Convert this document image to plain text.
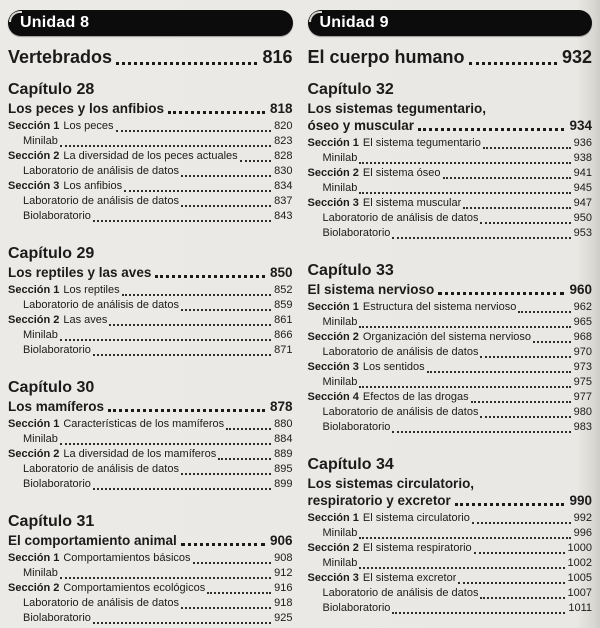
Unidad 8
Vertebrados	816
Capítulo 28
Los peces y los anfibios	818
Sección 1 Los peces	820
Minilab	823
Sección 2 La diversidad de los peces actuales	828
Laboratorio de análisis de datos	830
Sección 3 Los anfibios	834
Laboratorio de análisis de datos	837
Biolaboratorio	843
Capítulo 29
Los reptiles y las aves	850
Sección 1 Los reptiles	852
Laboratorio de análisis de datos	859
Sección 2 Las aves	861
Minilab	866
Biolaboratorio	871
Capítulo 30
Los mamíferos	878
Sección 1 Características de los mamíferos	880
Minilab	884
Sección 2 La diversidad de los mamíferos	889
Laboratorio de análisis de datos	895
Biolaboratorio	899
Capítulo 31
El comportamiento animal	906
Sección 1 Comportamientos básicos	908
Minilab	912
Sección 2 Comportamientos ecológicos	916
Laboratorio de análisis de datos	918
Biolaboratorio	925
Unidad 9
El cuerpo humano	932
Capítulo 32
Los sistemas tegumentario,
óseo y muscular	934
Sección 1 El sistema tegumentario	936
Minilab	938
Sección 2 El sistema óseo	941
Minilab	945
Sección 3 El sistema muscular	947
Laboratorio de análisis de datos	950
Biolaboratorio	953
Capítulo 33
El sistema nervioso	960
Sección 1 Estructura del sistema nervioso	962
Minilab	965
Sección 2 Organización del sistema nervioso	968
Laboratorio de análisis de datos	970
Sección 3 Los sentidos	973
Minilab	975
Sección 4 Efectos de las drogas	977
Laboratorio de análisis de datos	980
Biolaboratorio	983
Capítulo 34
Los sistemas circulatorio,
respiratorio y excretor	990
Sección 1 El sistema circulatorio	992
Minilab	996
Sección 2 El sistema respiratorio	1000
Minilab	1002
Sección 3 El sistema excretor	1005
Laboratorio de análisis de datos	1007
Biolaboratorio	1011
